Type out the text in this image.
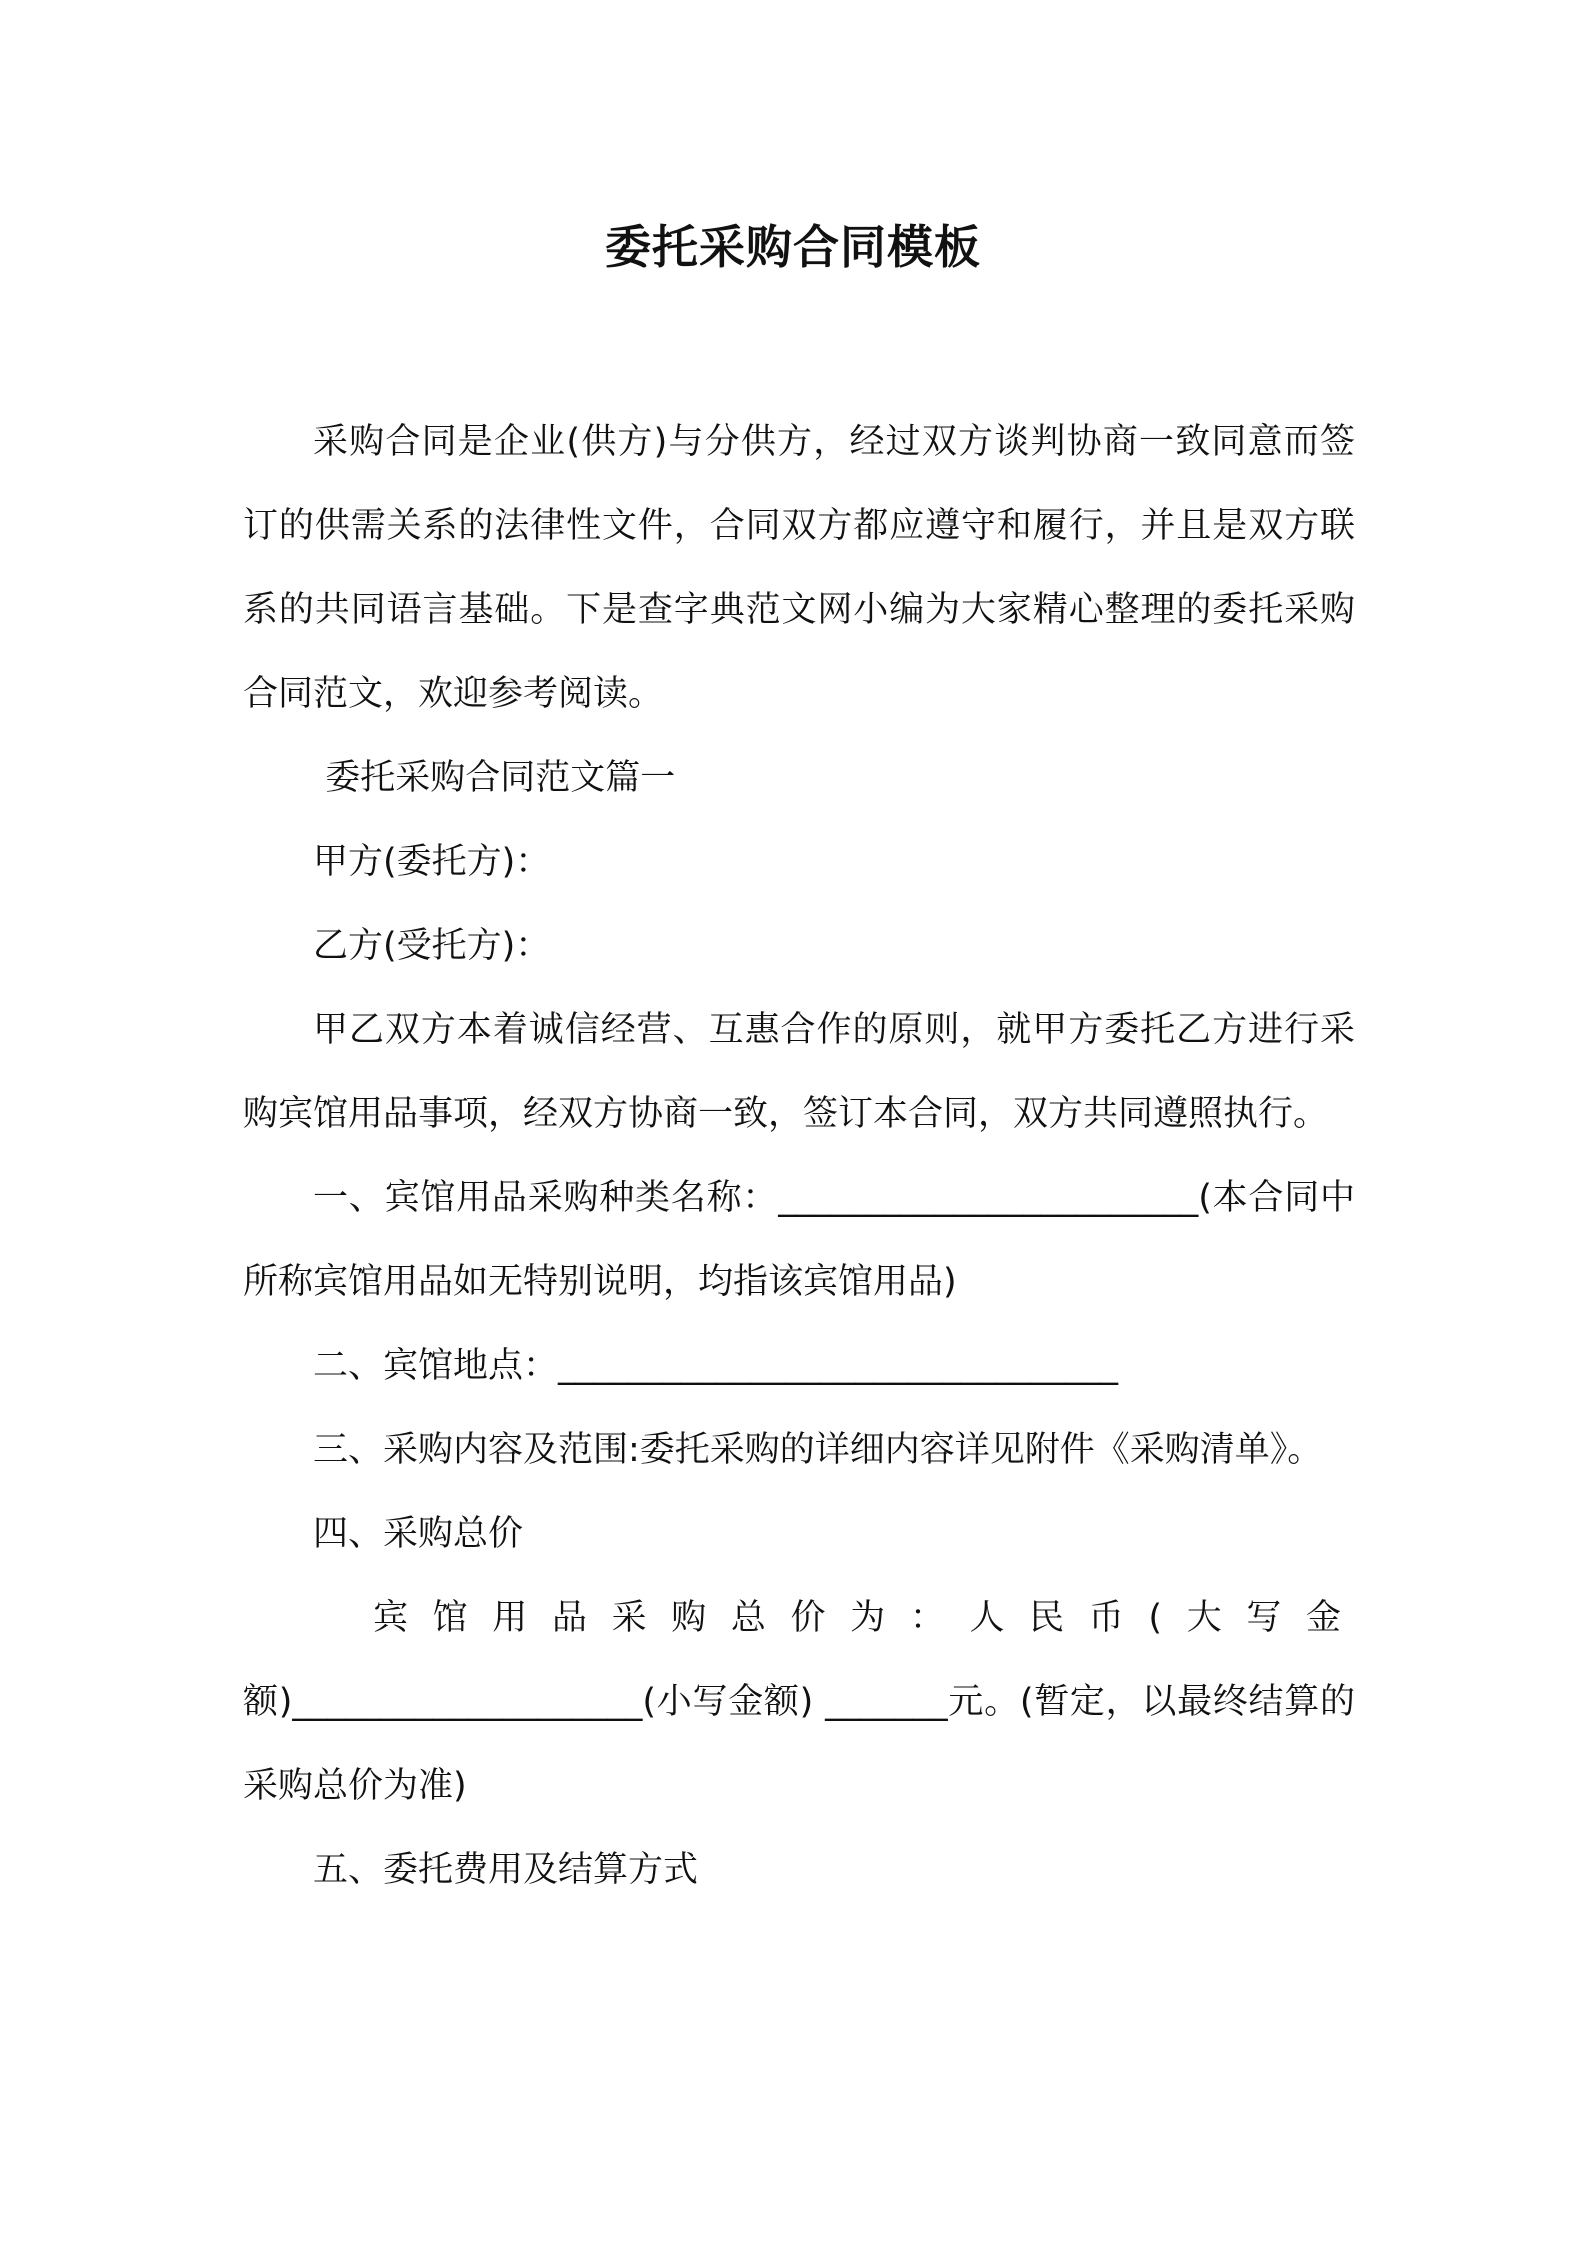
委托采购合同模板

采购合同是企业(供方)与分供方，经过双方谈判协商一致同意而签订的供需关系的法律性文件，合同双方都应遵守和履行，并且是双方联系的共同语言基础。下是查字典范文网小编为大家精心整理的委托采购合同范文，欢迎参考阅读。

委托采购合同范文篇一

甲方(委托方)：

乙方(受托方)：

甲乙双方本着诚信经营、互惠合作的原则，就甲方委托乙方进行采购宾馆用品事项，经双方协商一致，签订本合同，双方共同遵照执行。

一、宾馆用品采购种类名称：________________________(本合同中所称宾馆用品如无特别说明，均指该宾馆用品)

二、宾馆地点：________________________________

三、采购内容及范围:委托采购的详细内容详见附件《采购清单》。

四、采购总价

宾馆用品采购总价为：人民币(大写金

额)____________________(小写金额) _______元。(暂定，以最终结算的采购总价为准)

五、委托费用及结算方式
